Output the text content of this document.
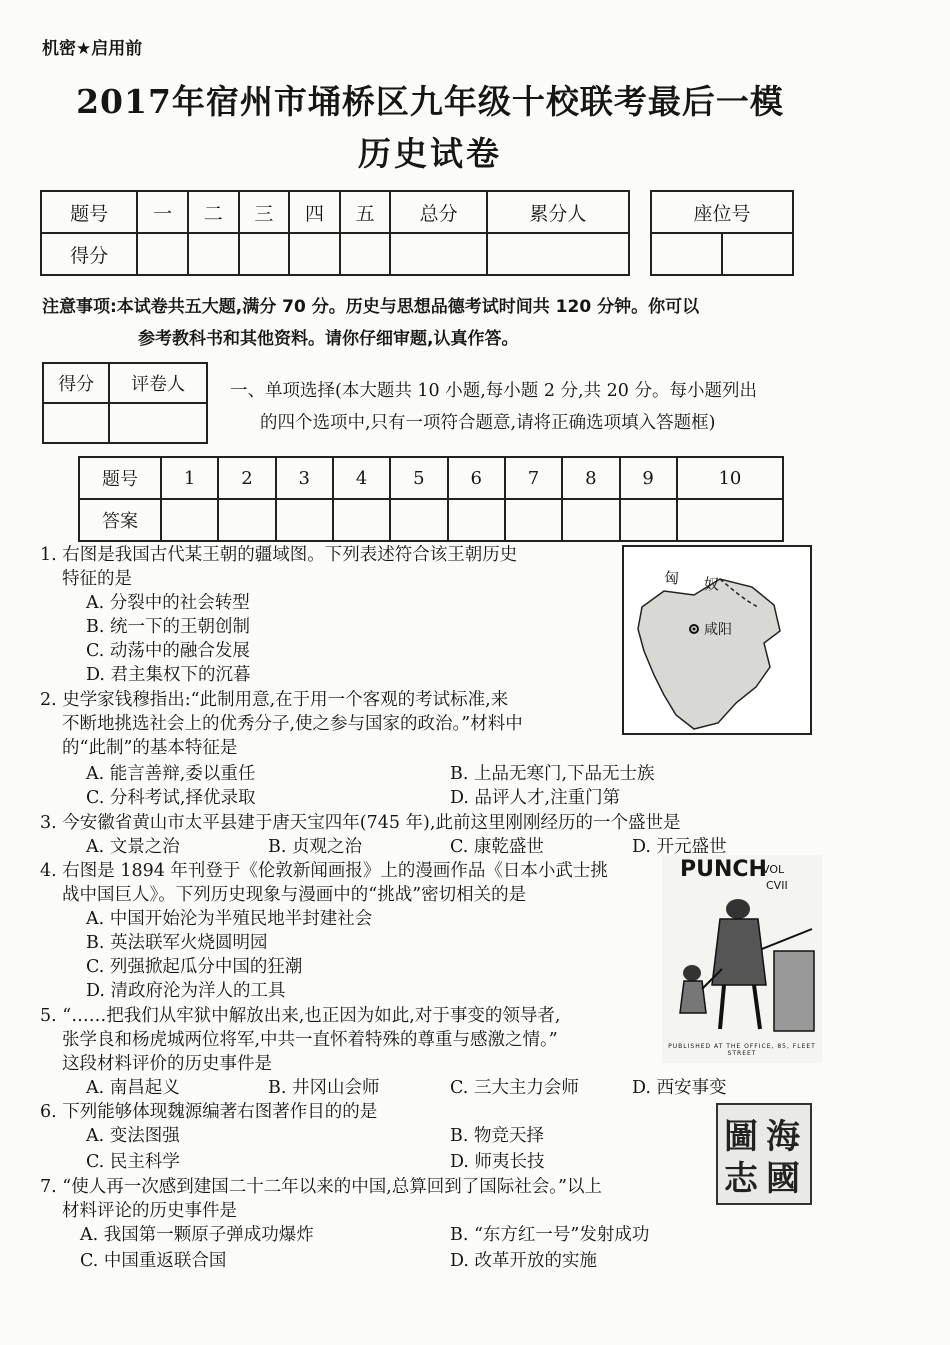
机密★启用前
2017年宿州市埇桥区九年级十校联考最后一模
历史试卷
题号	一	二	三	四	五	总分	累分人
得分							
座位号

注意事项:本试卷共五大题,满分 70 分。历史与思想品德考试时间共 120 分钟。你可以
参考教科书和其他资料。请你仔细审题,认真作答。
得分	评卷人
		一、单项选择(本大题共 10 小题,每小题 2 分,共 20 分。每小题列出
的四个选项中,只有一项符合题意,请将正确选项填入答题框)
题号	1	2	3	4	5	6	7	8	9	10
答案										
匈 奴
咸阳
PUNCH
VOL
CVII
PUBLISHED AT THE OFFICE, 85, FLEET STREET
海
國
圖
志
1. 右图是我国古代某王朝的疆域图。下列表述符合该王朝历史
特征的是
A. 分裂中的社会转型
B. 统一下的王朝创制
C. 动荡中的融合发展
D. 君主集权下的沉暮
2. 史学家钱穆指出:“此制用意,在于用一个客观的考试标准,来
不断地挑选社会上的优秀分子,使之参与国家的政治。”材料中
的“此制”的基本特征是
A. 能言善辩,委以重任	B. 上品无寒门,下品无士族
C. 分科考试,择优录取	D. 品评人才,注重门第
3. 今安徽省黄山市太平县建于唐天宝四年(745 年),此前这里刚刚经历的一个盛世是
A. 文景之治	B. 贞观之治	C. 康乾盛世	D. 开元盛世
4. 右图是 1894 年刊登于《伦敦新闻画报》上的漫画作品《日本小武士挑
战中国巨人》。下列历史现象与漫画中的“挑战”密切相关的是
A. 中国开始沦为半殖民地半封建社会
B. 英法联军火烧圆明园
C. 列强掀起瓜分中国的狂潮
D. 清政府沦为洋人的工具
5. “……把我们从牢狱中解放出来,也正因为如此,对于事变的领导者,
张学良和杨虎城两位将军,中共一直怀着特殊的尊重与感激之情。”
这段材料评价的历史事件是
A. 南昌起义	B. 井冈山会师	C. 三大主力会师	D. 西安事变
6. 下列能够体现魏源编著右图著作目的的是
A. 变法图强	B. 物竞天择
C. 民主科学	D. 师夷长技
7. “使人再一次感到建国二十二年以来的中国,总算回到了国际社会。”以上
材料评论的历史事件是
A. 我国第一颗原子弹成功爆炸	B. “东方红一号”发射成功
C. 中国重返联合国	D. 改革开放的实施
